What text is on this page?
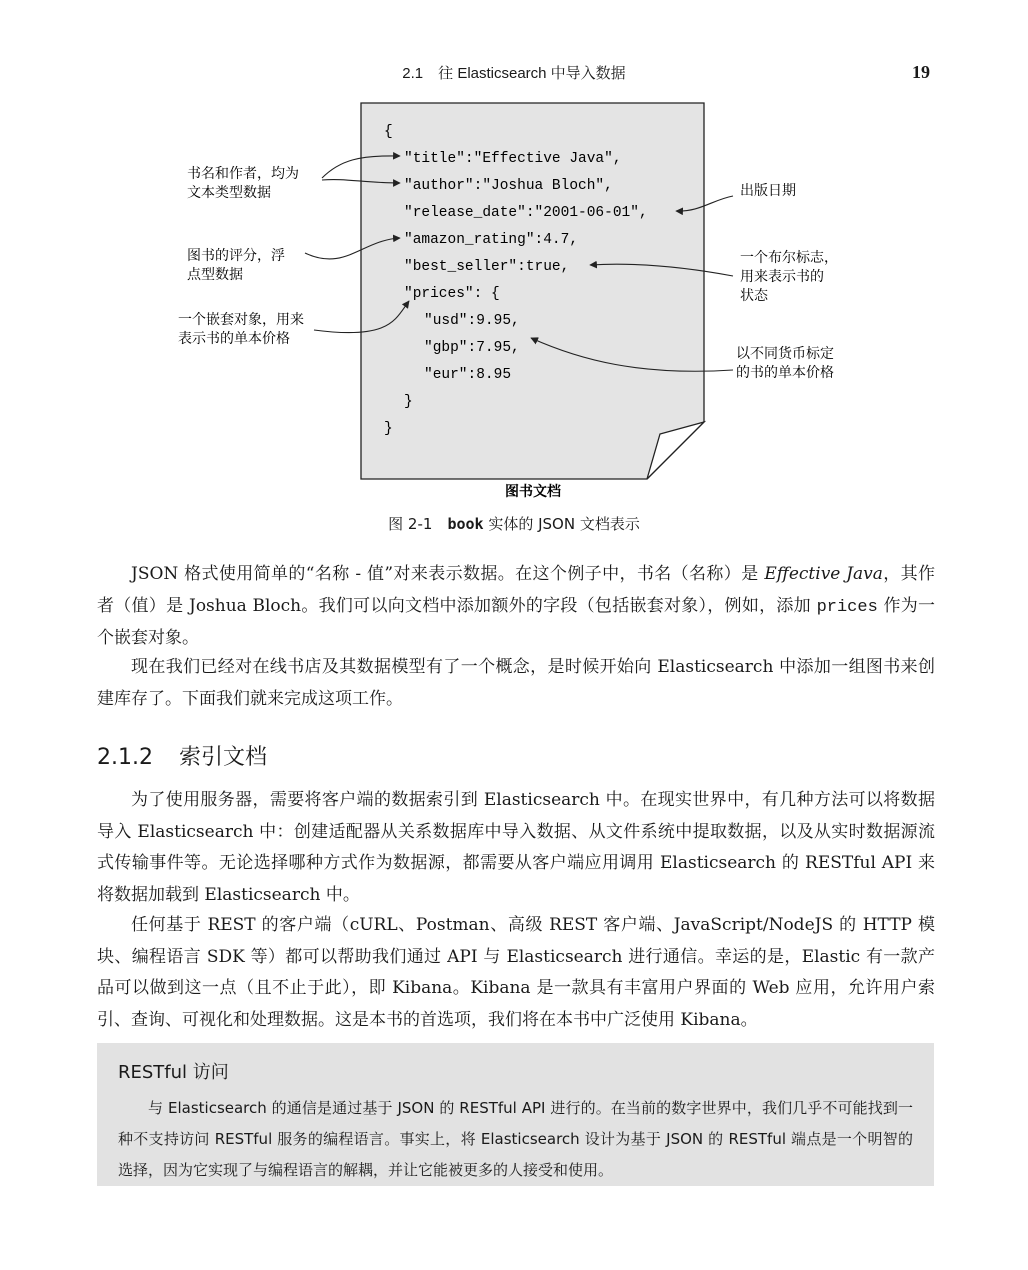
2.1　往 Elasticsearch 中导入数据	19
{
"title":"Effective Java",
"author":"Joshua Bloch",
"release_date":"2001-06-01",
"amazon_rating":4.7,
"best_seller":true,
"prices": {
"usd":9.95,
"gbp":7.95,
"eur":8.95
}
}
书名和作者，均为
文本类型数据
图书的评分，浮
点型数据
一个嵌套对象，用来
表示书的单本价格
出版日期
一个布尔标志，
用来表示书的
状态
以不同货币标定
的书的单本价格
图书文档
图 2-1　book 实体的 JSON 文档表示

JSON 格式使用简单的“名称 - 值”对来表示数据。在这个例子中，书名（名称）是 Effective Java，其作者（值）是 Joshua Bloch。我们可以向文档中添加额外的字段（包括嵌套对象），例如，添加 prices 作为一个嵌套对象。

现在我们已经对在线书店及其数据模型有了一个概念，是时候开始向 Elasticsearch 中添加一组图书来创建库存了。下面我们就来完成这项工作。

2.1.2 索引文档

为了使用服务器，需要将客户端的数据索引到 Elasticsearch 中。在现实世界中，有几种方法可以将数据导入 Elasticsearch 中：创建适配器从关系数据库中导入数据、从文件系统中提取数据，以及从实时数据源流式传输事件等。无论选择哪种方式作为数据源，都需要从客户端应用调用 Elasticsearch 的 RESTful API 来将数据加载到 Elasticsearch 中。

任何基于 REST 的客户端（cURL、Postman、高级 REST 客户端、JavaScript/NodeJS 的 HTTP 模块、编程语言 SDK 等）都可以帮助我们通过 API 与 Elasticsearch 进行通信。幸运的是，Elastic 有一款产品可以做到这一点（且不止于此），即 Kibana。Kibana 是一款具有丰富用户界面的 Web 应用，允许用户索引、查询、可视化和处理数据。这是本书的首选项，我们将在本书中广泛使用 Kibana。

RESTful 访问

与 Elasticsearch 的通信是通过基于 JSON 的 RESTful API 进行的。在当前的数字世界中，我们几乎不可能找到一种不支持访问 RESTful 服务的编程语言。事实上，将 Elasticsearch 设计为基于 JSON 的 RESTful 端点是一个明智的选择，因为它实现了与编程语言的解耦，并让它能被更多的人接受和使用。
